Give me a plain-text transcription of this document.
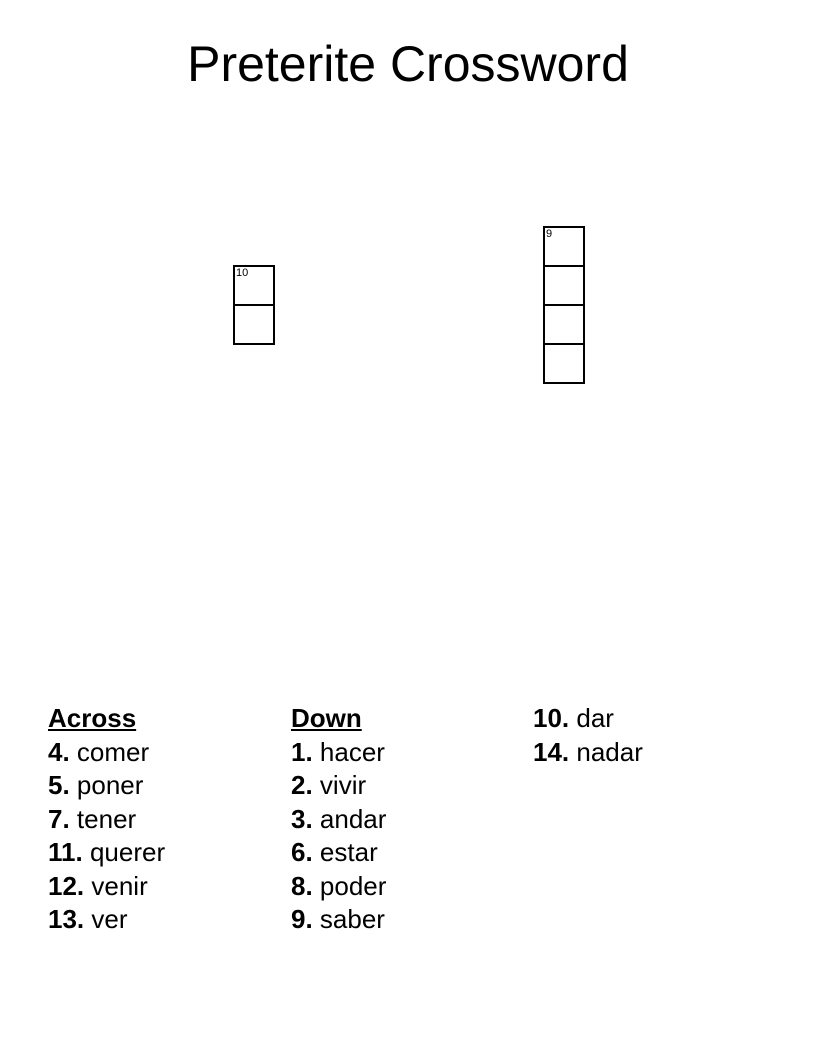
Preterite Crossword
10
9
Across
4. comer
5. poner
7. tener
11. querer
12. venir
13. ver
Down
1. hacer
2. vivir
3. andar
6. estar
8. poder
9. saber
10. dar
14. nadar
